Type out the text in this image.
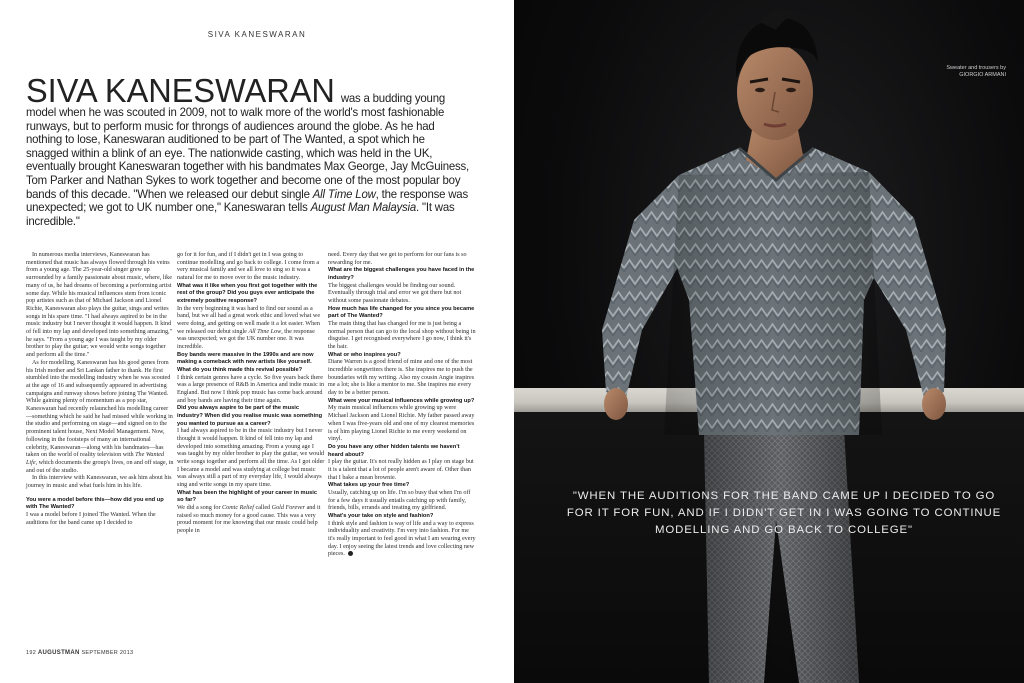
SIVA KANESWARAN
SIVA KANESWARAN was a budding young model when he was scouted in 2009, not to walk more of the world's most fashionable runways, but to perform music for throngs of audiences around the globe. As he had nothing to lose, Kaneswaran auditioned to be part of The Wanted, a spot which he snagged within a blink of an eye. The nationwide casting, which was held in the UK, eventually brought Kaneswaran together with his bandmates Max George, Jay McGuiness, Tom Parker and Nathan Sykes to work together and become one of the most popular boy bands of this decade. "When we released our debut single All Time Low, the response was unexpected; we got to UK number one," Kaneswaran tells August Man Malaysia. "It was incredible."

In numerous media interviews, Kaneswaran has mentioned that music has always flowed through his veins from a young age. The 25-year-old singer grew up surrounded by a family passionate about music, where, like many of us, he had dreams of becoming a performing artist some day. While his musical influences stem from iconic pop artistes such as that of Michael Jackson and Lionel Richie, Kaneswaran also plays the guitar, sings and writes songs in his spare time. "I had always aspired to be in the music industry but I never thought it would happen. It kind of fell into my lap and developed into something amazing," he says. "From a young age I was taught by my older brother to play the guitar; we would write songs together and perform all the time."

As for modelling, Kaneswaran has his good genes from his Irish mother and Sri Lankan father to thank. He first stumbled into the modelling industry when he was scouted at the age of 16 and subsequently appeared in advertising campaigns and runway shows before joining The Wanted. While gaining plenty of momentum as a pop star, Kaneswaran had recently relaunched his modelling career—something which he said he had missed while working in the studio and performing on stage—and signed on to the prominent talent house, Next Model Management. Now, following in the footsteps of many an international celebrity, Kaneswaran—along with his bandmates—has taken on the world of reality television with The Wanted Life, which documents the group's lives, on and off stage, in and out of the studio.

In this interview with Kaneswaran, we ask him about his journey in music and what fuels him in his life.

You were a model before this—how did you end up with The Wanted?

I was a model before I joined The Wanted. When the auditions for the band came up I decided to

go for it for fun, and if I didn't get in I was going to continue modelling and go back to college. I come from a very musical family and we all love to sing so it was a natural for me to move over to the music industry.

What was it like when you first got together with the rest of the group? Did you guys ever anticipate the extremely positive response?

In the very beginning it was hard to find our sound as a band, but we all had a great work ethic and loved what we were doing, and getting on well made it a lot easier. When we released our debut single All Time Low, the response was unexpected; we got the UK number one. It was incredible.

Boy bands were massive in the 1990s and are now making a comeback with new artists like yourself. What do you think made this revival possible?

I think certain genres have a cycle. So five years back there was a large presence of R&B in America and indie music in England. But now I think pop music has come back around and boy bands are having their time again.

Did you always aspire to be part of the music industry? When did you realise music was something you wanted to pursue as a career?

I had always aspired to be in the music industry but I never thought it would happen. It kind of fell into my lap and developed into something amazing. From a young age I was taught by my older brother to play the guitar, we would write songs together and perform all the time. As I got older I became a model and was studying at college but music was always still a part of my everyday life, I would always sing and write songs in my spare time.

What has been the highlight of your career in music so far?

We did a song for Comic Relief called Gold Forever and it raised so much money for a good cause. This was a very proud moment for me knowing that our music could help people in

need. Every day that we get to perform for our fans is so rewarding for me.

What are the biggest challenges you have faced in the industry?

The biggest challenges would be finding our sound. Eventually through trial and error we got there but not without some passionate debates.

How much has life changed for you since you became part of The Wanted?

The main thing that has changed for me is just being a normal person that can go to the local shop without being in disguise. I get recognised everywhere I go now, I think it's the hair.

What or who inspires you?

Diane Warren is a good friend of mine and one of the most incredible songwriters there is. She inspires me to push the boundaries with my writing. Also my cousin Angie inspires me a lot; she is like a mentor to me. She inspires me every day to be a better person.

What were your musical influences while growing up?

My main musical influences while growing up were Michael Jackson and Lionel Richie. My father passed away when I was five-years old and one of my clearest memories is of him playing Lionel Richie to me every weekend on vinyl.

Do you have any other hidden talents we haven't heard about?

I play the guitar. It's not really hidden as I play on stage but it is a talent that a lot of people aren't aware of. Other than that I bake a mean brownie.

What takes up your free time?

Usually, catching up on life. I'm so busy that when I'm off for a few days it usually entails catching up with family, friends, bills, errands and treating my girlfriend.

What's your take on style and fashion?

I think style and fashion is way of life and a way to express individuality and creativity. I'm very into fashion. For me it's really important to feel good in what I am wearing every day. I enjoy seeing the latest trends and love collecting new pieces.

192 AUGUSTMAN SEPTEMBER 2013
Sweater and trousers by
GIORGIO ARMANI
"WHEN THE AUDITIONS FOR THE BAND CAME UP I DECIDED TO GO FOR IT FOR FUN, AND IF I DIDN'T GET IN I WAS GOING TO CONTINUE MODELLING AND GO BACK TO COLLEGE"
